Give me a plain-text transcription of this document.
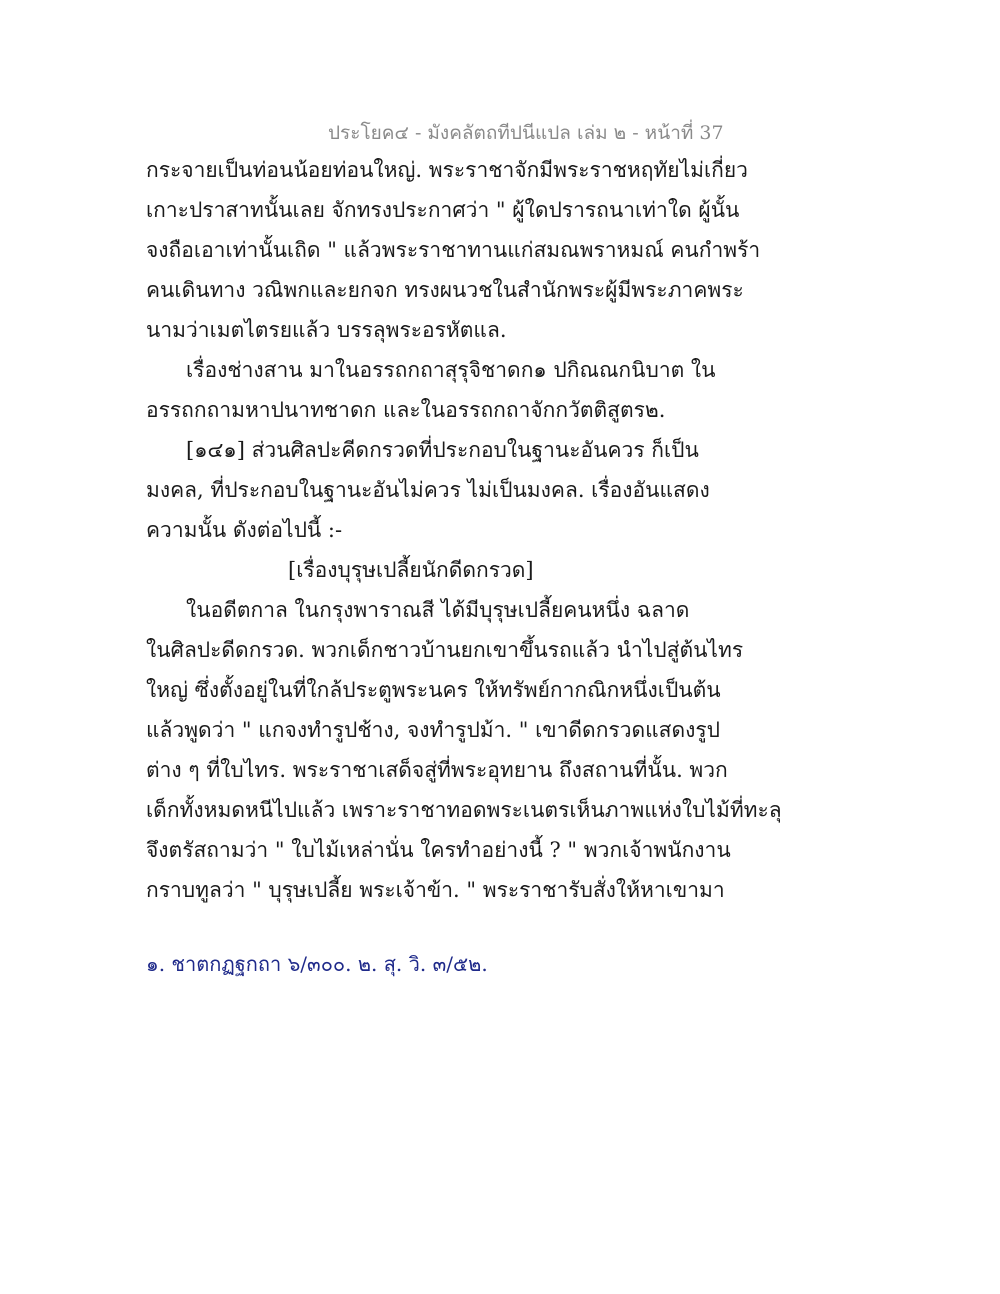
ประโยค๔ - มังคลัตถทีปนีแปล เล่ม ๒ - หน้าที่ 37
กระจายเป็นท่อนน้อยท่อนใหญ่. พระราชาจักมีพระราชหฤทัยไม่เกี่ยว
เกาะปราสาทนั้นเลย จักทรงประกาศว่า " ผู้ใดปรารถนาเท่าใด ผู้นั้น
จงถือเอาเท่านั้นเถิด " แล้วพระราชาทานแก่สมณพราหมณ์ คนกำพร้า
คนเดินทาง วณิพกและยกจก ทรงผนวชในสำนักพระผู้มีพระภาคพระ
นามว่าเมตไตรยแล้ว บรรลุพระอรหัตแล.
เรื่องช่างสาน มาในอรรถกถาสุรุจิชาดก๑ ปกิณณกนิบาต ใน
อรรถกถามหาปนาทชาดก และในอรรถกถาจักกวัตติสูตร๒.
[๑๔๑] ส่วนศิลปะคีดกรวดที่ประกอบในฐานะอันควร ก็เป็น
มงคล, ที่ประกอบในฐานะอันไม่ควร ไม่เป็นมงคล. เรื่องอันแสดง
ความนั้น ดังต่อไปนี้ :-
[เรื่องบุรุษเปลี้ยนักดีดกรวด]
ในอดีตกาล ในกรุงพาราณสี ได้มีบุรุษเปลี้ยคนหนึ่ง ฉลาด
ในศิลปะดีดกรวด. พวกเด็กชาวบ้านยกเขาขึ้นรถแล้ว นำไปสู่ต้นไทร
ใหญ่ ซึ่งตั้งอยู่ในที่ใกล้ประตูพระนคร ให้ทรัพย์กากณิกหนึ่งเป็นต้น
แล้วพูดว่า " แกจงทำรูปช้าง, จงทำรูปม้า. " เขาดีดกรวดแสดงรูป
ต่าง ๆ ที่ใบไทร. พระราชาเสด็จสู่ที่พระอุทยาน ถึงสถานที่นั้น. พวก
เด็กทั้งหมดหนีไปแล้ว เพราะราชาทอดพระเนตรเห็นภาพแห่งใบไม้ที่ทะลุ
จึงตรัสถามว่า " ใบไม้เหล่านั่น ใครทำอย่างนี้ ? " พวกเจ้าพนักงาน
กราบทูลว่า " บุรุษเปลี้ย พระเจ้าข้า. " พระราชารับสั่งให้หาเขามา
๑. ชาตกฏฐกถา ๖/๓๐๐. ๒. สุ. วิ. ๓/๕๒.
